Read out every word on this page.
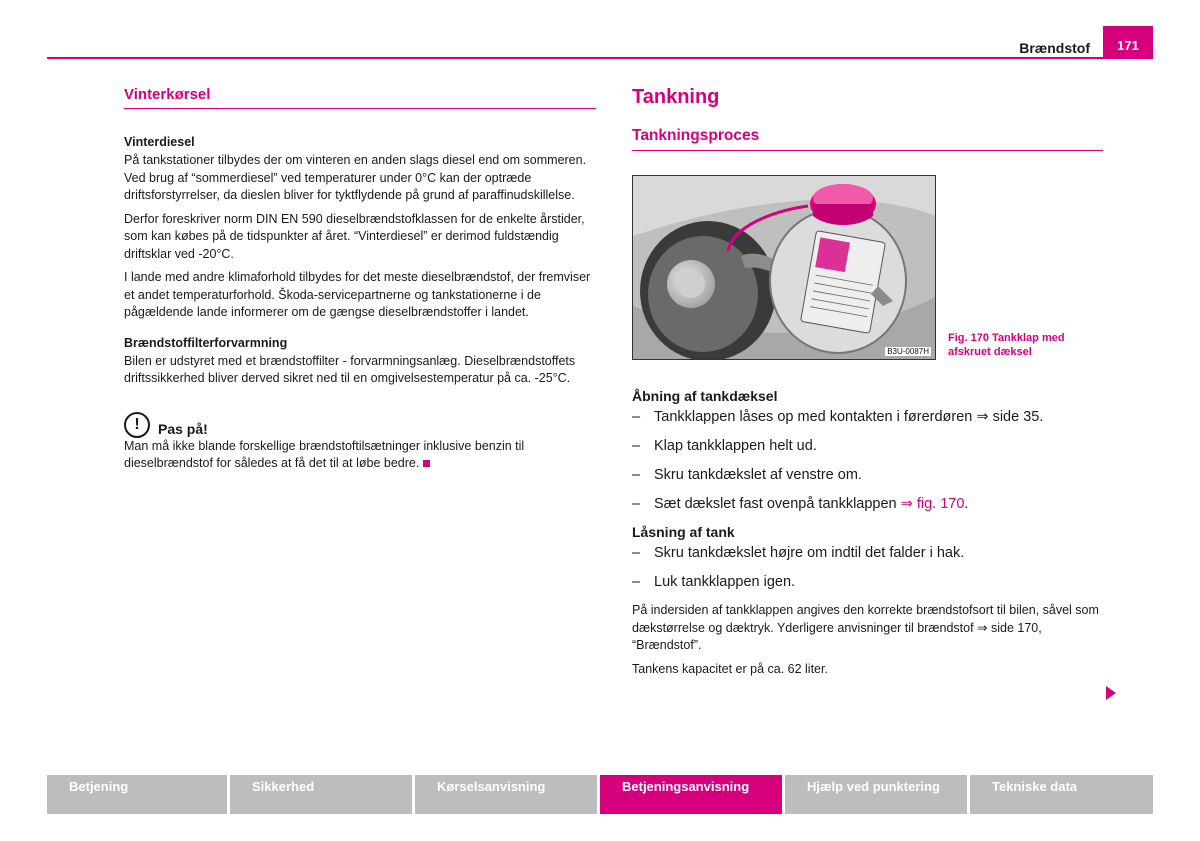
Brændstof	171
Vinterkørsel
Vinterdiesel

På tankstationer tilbydes der om vinteren en anden slags diesel end om sommeren. Ved brug af “sommerdiesel” ved temperaturer under 0°C kan der optræde driftsforstyrrelser, da dieslen bliver for tyktflydende på grund af paraffinudskillelse.

Derfor foreskriver norm DIN EN 590 dieselbrændstofklassen for de enkelte årstider, som kan købes på de tidspunkter af året. “Vinterdiesel” er derimod fuldstændig driftsklar ved -20°C.

I lande med andre klimaforhold tilbydes for det meste dieselbrændstof, der fremviser et andet temperaturforhold. Škoda-servicepartnerne og tankstationerne i de pågældende lande informerer om de gængse dieselbrændstoffer i landet.

Brændstoffilterforvarmning

Bilen er udstyret med et brændstoffilter - forvarmningsanlæg. Dieselbrændstoffets driftssikkerhed bliver derved sikret ned til en omgivelsestemperatur på ca. -25°C.

!	Pas på!

Man må ikke blande forskellige brændstoftilsætninger inklusive benzin til dieselbrændstof for således at få det til at løbe bedre.

Tankning
Tankningsproces
B3U-0087H
Fig. 170 Tankklap med afskruet dæksel
Åbning af tankdæksel
– Tankklappen låses op med kontakten i førerdøren ⇒ side 35.
– Klap tankklappen helt ud.
– Skru tankdækslet af venstre om.
– Sæt dækslet fast ovenpå tankklappen ⇒ fig. 170.
Låsning af tank
– Skru tankdækslet højre om indtil det falder i hak.
– Luk tankklappen igen.

På indersiden af tankklappen angives den korrekte brændstofsort til bilen, såvel som dækstørrelse og dæktryk. Yderligere anvisninger til brændstof ⇒ side 170, “Brændstof”.

Tankens kapacitet er på ca. 62 liter.

Betjening	Sikkerhed	Kørselsanvisning	Betjeningsanvisning	Hjælp ved punktering	Tekniske data
